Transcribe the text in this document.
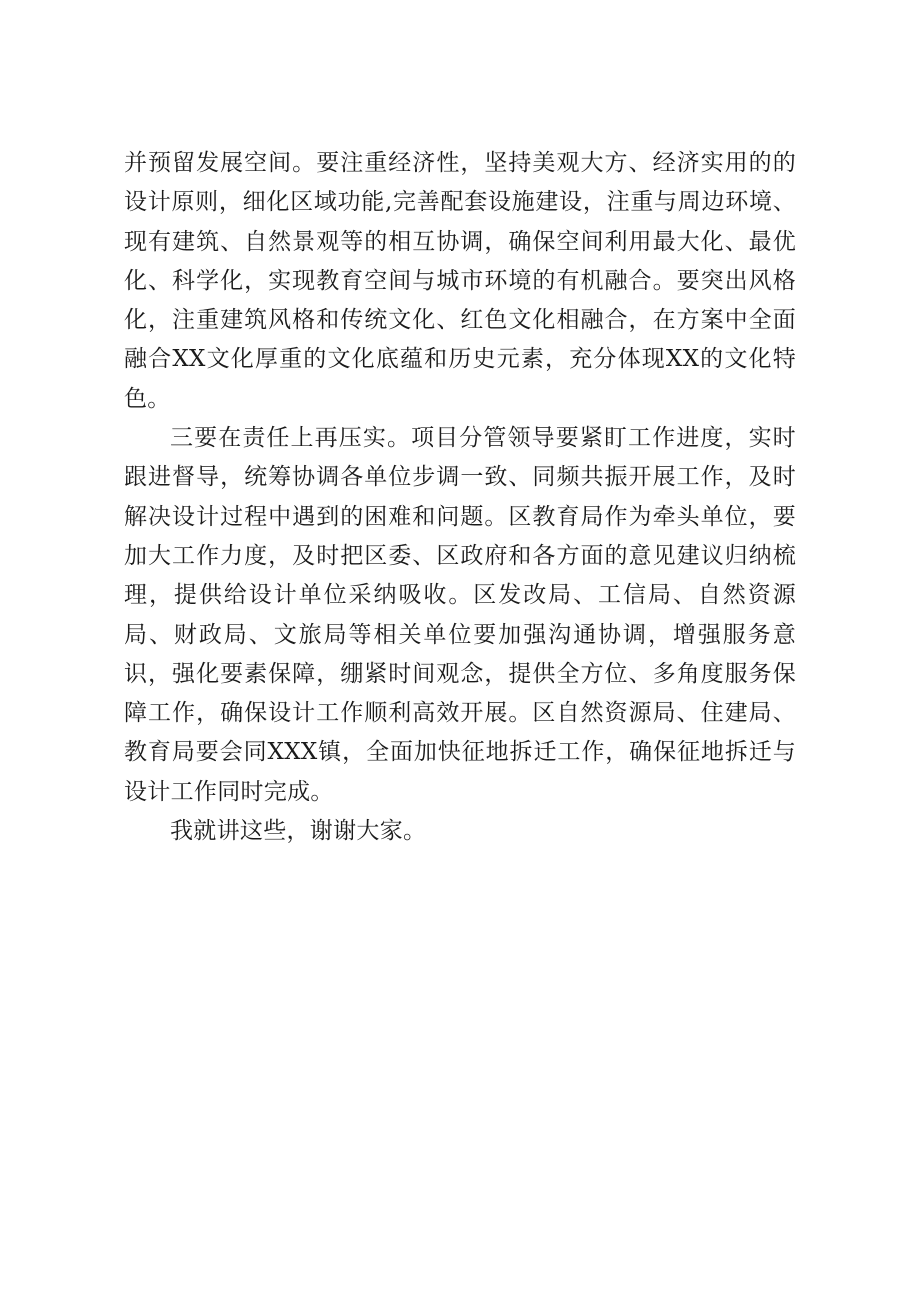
并预留发展空间。要注重经济性，坚持美观大方、经济实用的的设计原则，细化区域功能,完善配套设施建设，注重与周边环境、现有建筑、自然景观等的相互协调，确保空间利用最大化、最优化、科学化，实现教育空间与城市环境的有机融合。要突出风格化，注重建筑风格和传统文化、红色文化相融合，在方案中全面融合XX文化厚重的文化底蕴和历史元素，充分体现XX的文化特色。

三要在责任上再压实。项目分管领导要紧盯工作进度，实时跟进督导，统筹协调各单位步调一致、同频共振开展工作，及时解决设计过程中遇到的困难和问题。区教育局作为牵头单位，要加大工作力度，及时把区委、区政府和各方面的意见建议归纳梳理，提供给设计单位采纳吸收。区发改局、工信局、自然资源局、财政局、文旅局等相关单位要加强沟通协调，增强服务意识，强化要素保障，绷紧时间观念，提供全方位、多角度服务保障工作，确保设计工作顺利高效开展。区自然资源局、住建局、教育局要会同XXX镇，全面加快征地拆迁工作，确保征地拆迁与设计工作同时完成。

我就讲这些，谢谢大家。
